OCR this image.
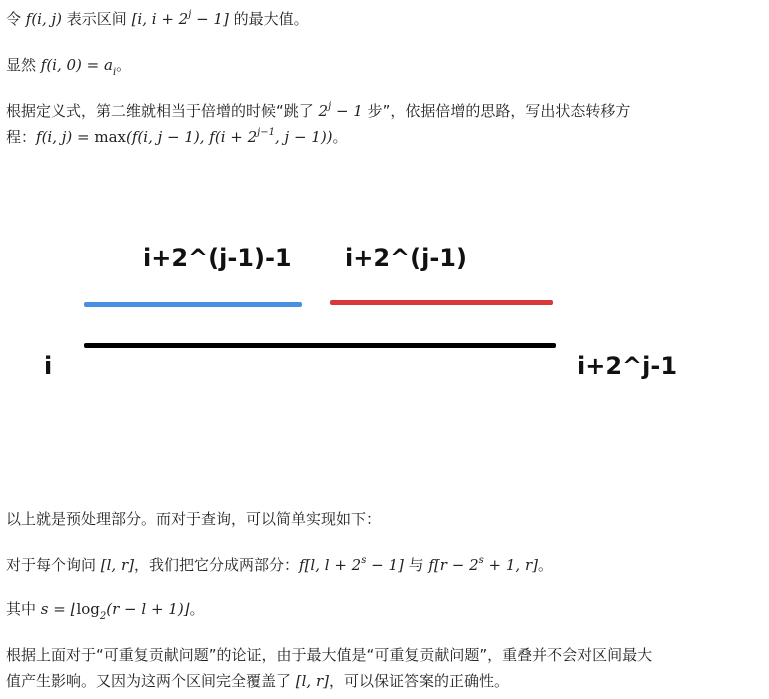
令 f(i, j) 表示区间 [i, $i + 2^j - 1$] 的最大值。
显然 f(i, $0) = a_i$。
根据定义式，第二维就相当于倍增的时候“跳了 $2^j - 1$ 步”，依据倍增的思路，写出状态转移方
程：f(i, j) = max(f(i, j − 1), $f(i + 2^{j-1}$, j − 1))。
i+2^(j-1)-1 i+2^(j-1)
i	i+2^j-1
以上就是预处理部分。而对于查询，可以简单实现如下：
对于每个询问 [l, r]，我们把它分成两部分：f[l, $l + 2^s - 1$] 与 $f[r - 2^s + 1$, r]。
其中 $s = ⌊\log_2(r - l$ + 1)⌋。
根据上面对于“可重复贡献问题”的论证，由于最大值是“可重复贡献问题”，重叠并不会对区间最大
值产生影响。又因为这两个区间完全覆盖了 [l, r]，可以保证答案的正确性。
